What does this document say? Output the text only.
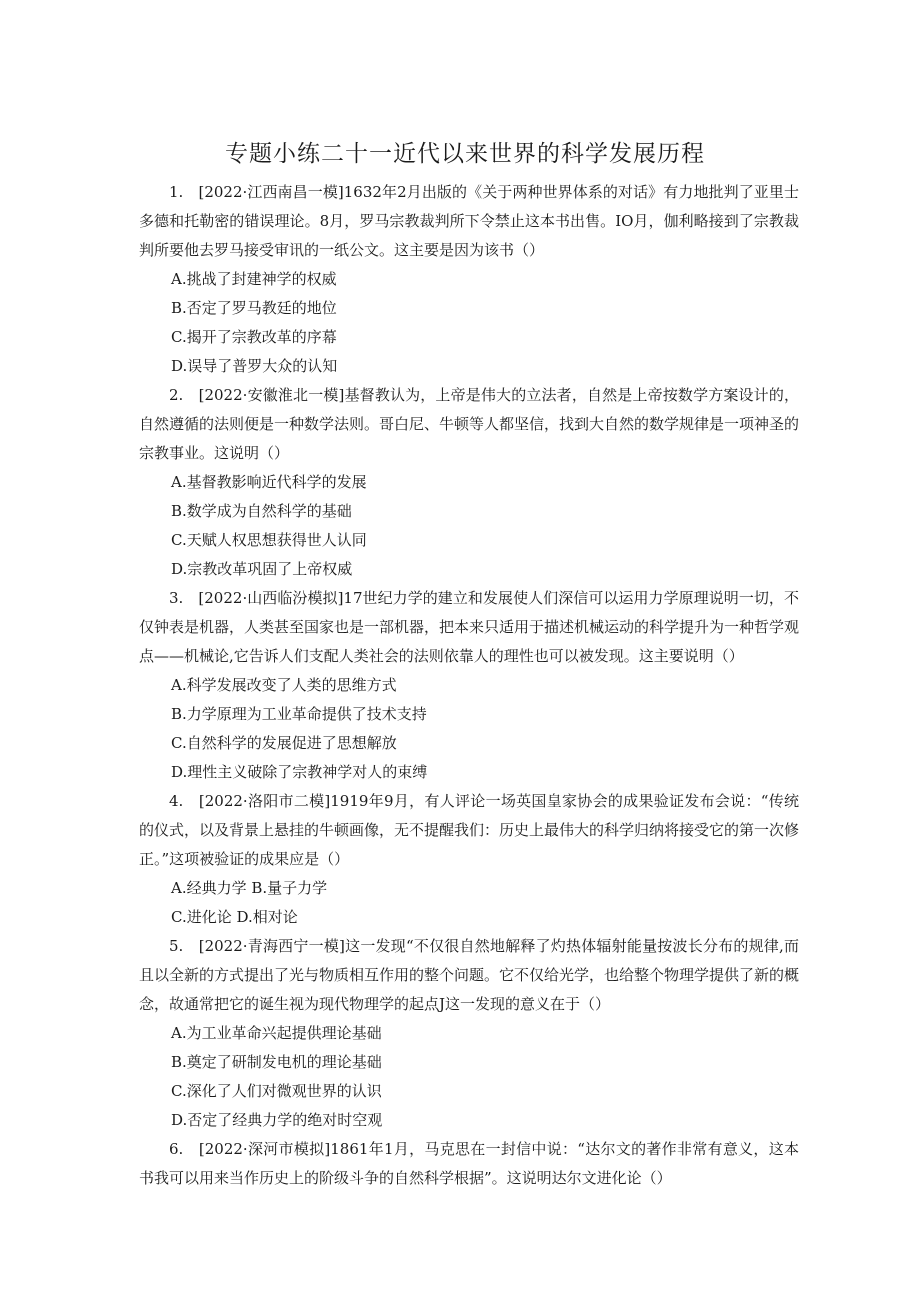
专题小练二十一近代以来世界的科学发展历程

1.　[2022·江西南昌一模]1632年2月出版的《关于两种世界体系的对话》有力地批判了亚里士多德和托勒密的错误理论。8月，罗马宗教裁判所下令禁止这本书出售。IO月，伽利略接到了宗教裁判所要他去罗马接受审讯的一纸公文。这主要是因为该书（）

A.挑战了封建神学的权威
B.否定了罗马教廷的地位
C.揭开了宗教改革的序幕
D.误导了普罗大众的认知

2.　[2022·安徽淮北一模]基督教认为，上帝是伟大的立法者，自然是上帝按数学方案设计的，自然遵循的法则便是一种数学法则。哥白尼、牛顿等人都坚信，找到大自然的数学规律是一项神圣的宗教事业。这说明（）

A.基督教影响近代科学的发展
B.数学成为自然科学的基础
C.天赋人权思想获得世人认同
D.宗教改革巩固了上帝权威

3.　[2022·山西临汾模拟]17世纪力学的建立和发展使人们深信可以运用力学原理说明一切，不仅钟表是机器，人类甚至国家也是一部机器，把本来只适用于描述机械运动的科学提升为一种哲学观点——机械论,它告诉人们支配人类社会的法则依靠人的理性也可以被发现。这主要说明（）

A.科学发展改变了人类的思维方式
B.力学原理为工业革命提供了技术支持
C.自然科学的发展促进了思想解放
D.理性主义破除了宗教神学对人的束缚

4.　[2022·洛阳市二模]1919年9月，有人评论一场英国皇家协会的成果验证发布会说：“传统的仪式，以及背景上悬挂的牛顿画像，无不提醒我们：历史上最伟大的科学归纳将接受它的第一次修正。”这项被验证的成果应是（）

A.经典力学 B.量子力学
C.进化论 D.相对论

5.　[2022·青海西宁一模]这一发现“不仅很自然地解释了灼热体辐射能量按波长分布的规律,而且以全新的方式提出了光与物质相互作用的整个问题。它不仅给光学，也给整个物理学提供了新的概念，故通常把它的诞生视为现代物理学的起点J这一发现的意义在于（）

A.为工业革命兴起提供理论基础
B.奠定了研制发电机的理论基础
C.深化了人们对微观世界的认识
D.否定了经典力学的绝对时空观

6.　[2022·深河市模拟]1861年1月，马克思在一封信中说：“达尔文的著作非常有意义，这本书我可以用来当作历史上的阶级斗争的自然科学根据”。这说明达尔文进化论（）
